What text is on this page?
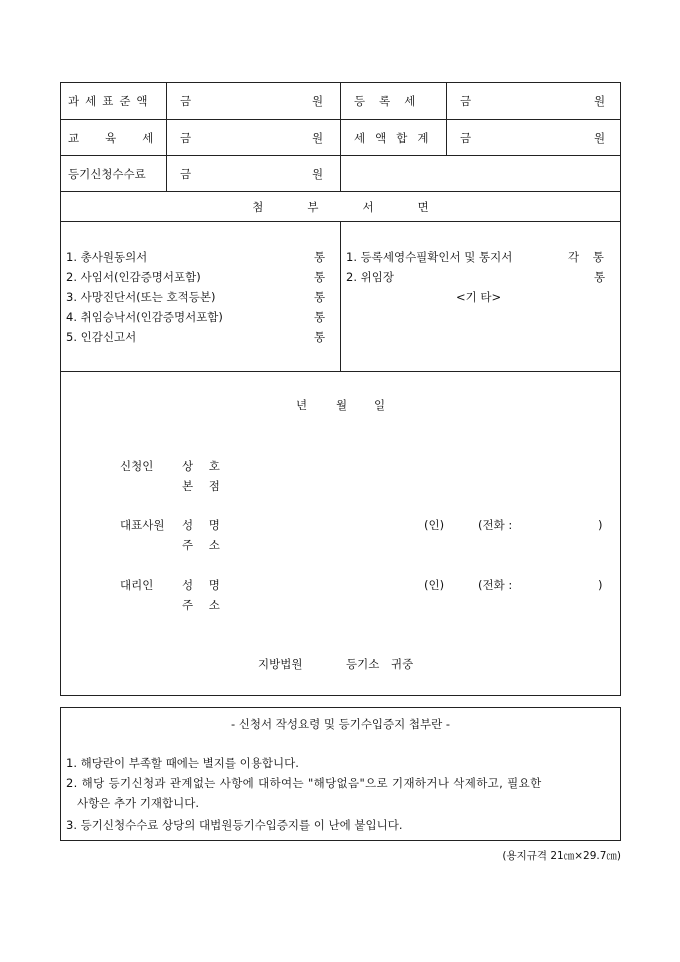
과세표준액 금	원	등록세	금	원
교육세 금	원	세액합계 금	원
등기신청수수료	금	원
첨부서면
1. 총사원동의서	통
2. 사임서(인감증명서포함)	통
3. 사망진단서(또는 호적등본)	통
4. 취임승낙서(인감증명서포함)	통
5. 인감신고서	통
1. 등록세영수필확인서 및 통지서	각 통
2. 위임장	통
<기 타>
년	월 일
신청인 상 호
본 점
대표사원 성 명
주 소
(인)	(전화 :	)
대리인 성 명
주 소
(인)	(전화 :	)
지방법원	등기소 귀중
- 신청서 작성요령 및 등기수입증지 첩부란 -
1. 해당란이 부족할 때에는 별지를 이용합니다.
2. 해당 등기신청과 관계없는 사항에 대하여는 "해당없음"으로 기재하거나 삭제하고, 필요한
사항은 추가 기재합니다.
3. 등기신청수수료 상당의 대법원등기수입증지를 이 난에 붙입니다.
(용지규격 21㎝×29.7㎝)
